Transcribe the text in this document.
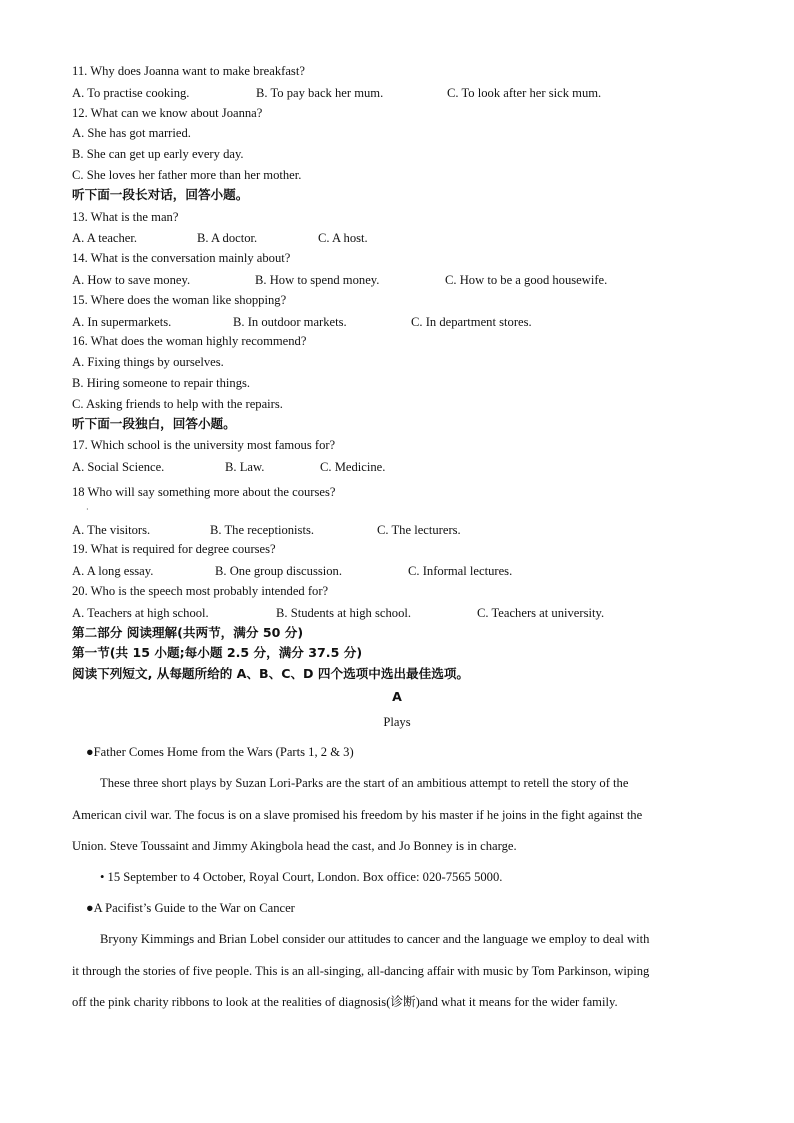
11. Why does Joanna want to make breakfast?
A. To practise cooking.	B. To pay back her mum.	C. To look after her sick mum.
12. What can we know about Joanna?
A. She has got married.
B. She can get up early every day.
C. She loves her father more than her mother.
听下面一段长对话，回答小题。
13. What is the man?
A. A teacher.	B. A doctor.	C. A host.
14. What is the conversation mainly about?
A. How to save money.	B. How to spend money.	C. How to be a good housewife.
15. Where does the woman like shopping?
A. In supermarkets.	B. In outdoor markets.	C. In department stores.
16. What does the woman highly recommend?
A. Fixing things by ourselves.
B. Hiring someone to repair things.
C. Asking friends to help with the repairs.
听下面一段独白，回答小题。
17. Which school is the university most famous for?
A. Social Science.	B. Law.	C. Medicine.
18 Who will say something more about the courses?
·
A. The visitors.	B. The receptionists.	C. The lecturers.
19. What is required for degree courses?
A. A long essay.	B. One group discussion.	C. Informal lectures.
20. Who is the speech most probably intended for?
A. Teachers at high school.	B. Students at high school.	C. Teachers at university.
第二部分 阅读理解(共两节，满分 50 分)
第一节(共 15 小题;每小题 2.5 分，满分 37.5 分)
阅读下列短文, 从每题所给的 A、B、C、D 四个选项中选出最佳选项。
A
Plays
●Father Comes Home from the Wars (Parts 1, 2 & 3)
These three short plays by Suzan Lori-Parks are the start of an ambitious attempt to retell the story of the
American civil war. The focus is on a slave promised his freedom by his master if he joins in the fight against the
Union. Steve Toussaint and Jimmy Akingbola head the cast, and Jo Bonney is in charge.
• 15 September to 4 October, Royal Court, London. Box office: 020-7565 5000.
●A Pacifist’s Guide to the War on Cancer
Bryony Kimmings and Brian Lobel consider our attitudes to cancer and the language we employ to deal with
it through the stories of five people. This is an all-singing, all-dancing affair with music by Tom Parkinson, wiping
off the pink charity ribbons to look at the realities of diagnosis(诊断)and what it means for the wider family.
